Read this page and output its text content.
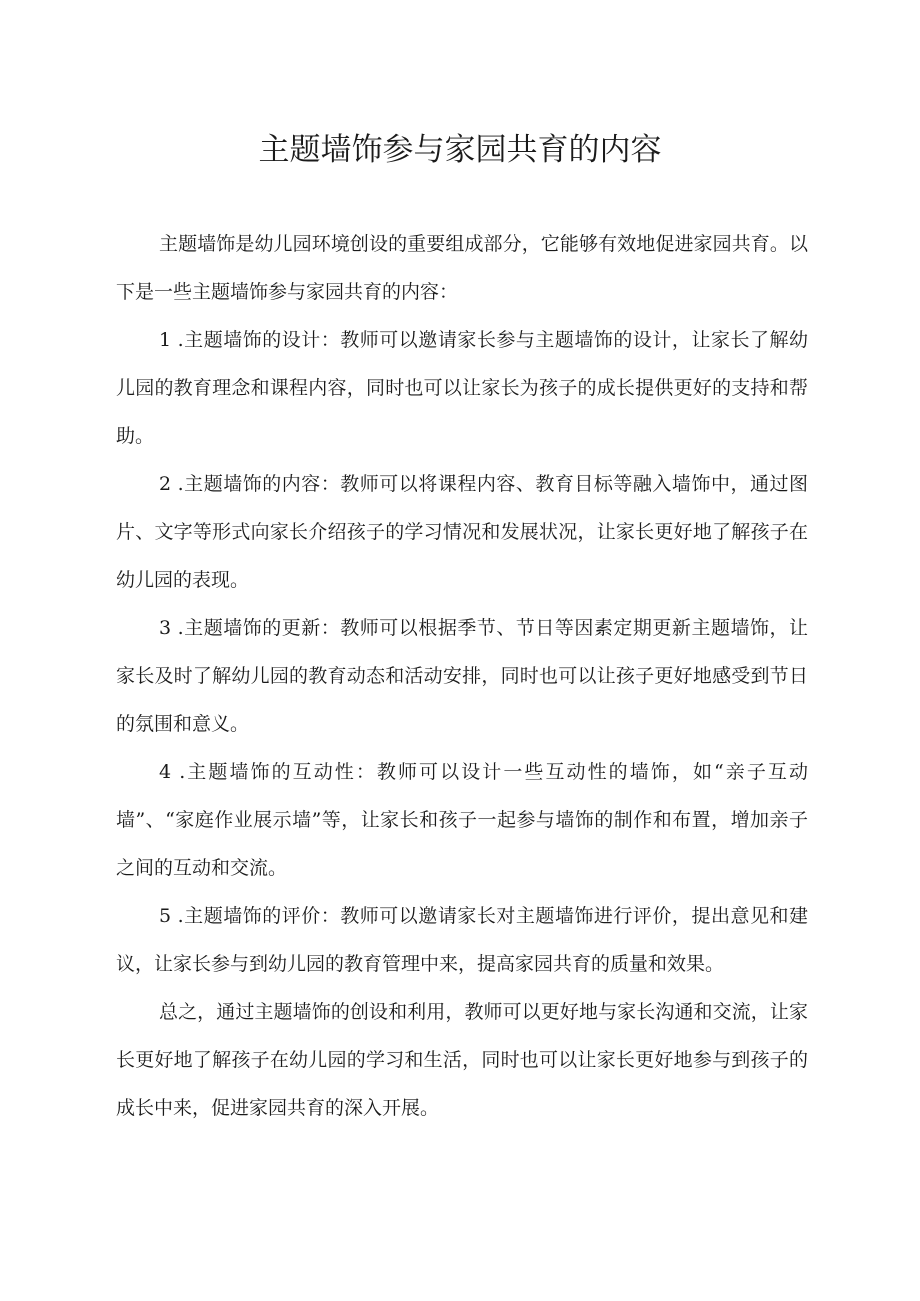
主题墙饰参与家园共育的内容

主题墙饰是幼儿园环境创设的重要组成部分，它能够有效地促进家园共育。以下是一些主题墙饰参与家园共育的内容：

1 .主题墙饰的设计：教师可以邀请家长参与主题墙饰的设计，让家长了解幼儿园的教育理念和课程内容，同时也可以让家长为孩子的成长提供更好的支持和帮助。

2 .主题墙饰的内容：教师可以将课程内容、教育目标等融入墙饰中，通过图片、文字等形式向家长介绍孩子的学习情况和发展状况，让家长更好地了解孩子在幼儿园的表现。

3 .主题墙饰的更新：教师可以根据季节、节日等因素定期更新主题墙饰，让家长及时了解幼儿园的教育动态和活动安排，同时也可以让孩子更好地感受到节日的氛围和意义。

4 .主题墙饰的互动性：教师可以设计一些互动性的墙饰，如“亲子互动墙”、“家庭作业展示墙”等，让家长和孩子一起参与墙饰的制作和布置，增加亲子之间的互动和交流。

5 .主题墙饰的评价：教师可以邀请家长对主题墙饰进行评价，提出意见和建议，让家长参与到幼儿园的教育管理中来，提高家园共育的质量和效果。

总之，通过主题墙饰的创设和利用，教师可以更好地与家长沟通和交流，让家长更好地了解孩子在幼儿园的学习和生活，同时也可以让家长更好地参与到孩子的成长中来，促进家园共育的深入开展。
